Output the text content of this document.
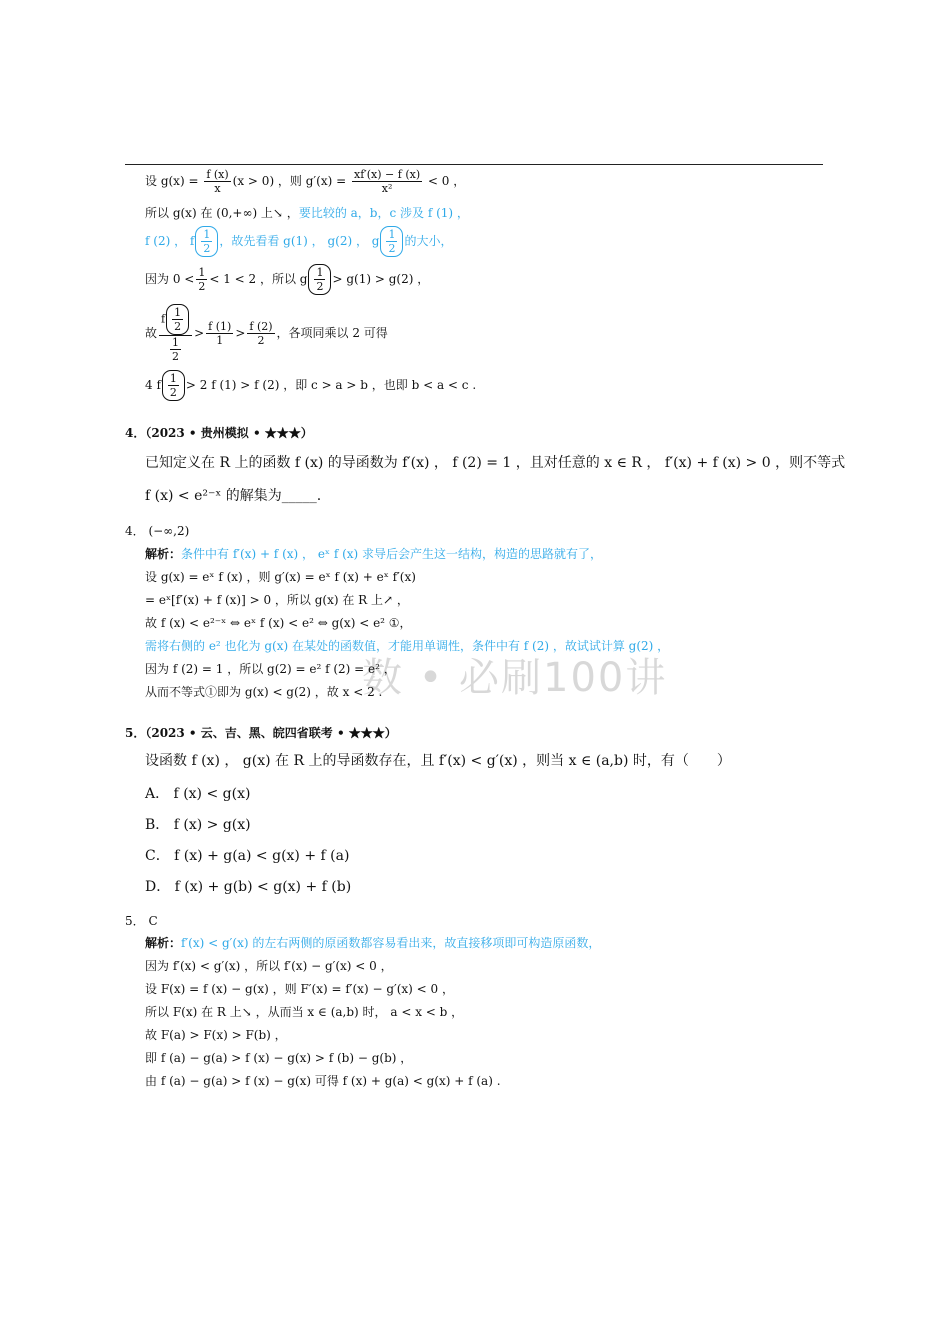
数 • 必刷100讲
设 $g(x) = \frac{f (x)}{x} (x > 0)$ ，则 $g'(x) = \frac{xf'(x) - f (x)}{\text{x²}} < 0$ ，
所以 g(x) 在 (0,+∞) 上↘ ，要比较的 a，b，c 涉及 f (1) ，
f (2) ， f $\frac{1}{2}$ ，故先看看 g(1) ， g(2) ， g $\frac{1}{2}$ 的大小，
因为 $0 < \frac{1}{2} < 1 < 2$ ，所以 g $\frac{1}{2} > g(1) > g(2)$ ，
故 $\frac{f \frac{1}{2}}{\frac{1}{2}} > \frac{f (1)}{1} > \frac{f (2)}{2}$ ，各项同乘以 2 可得
4 f $\frac{1}{2} > 2$ f (1) > f (2) ，即 c > a > b ，也即 b < a < c .
4．（2023 • 贵州模拟 • ★★★）
已知定义在 R 上的函数 f (x) 的导函数为 f′(x) ， f (2) = 1 ，且对任意的 x ∈ R ， f′(x) + f (x) > 0 ，则不等式
f (x) < e²⁻ˣ 的解集为_____.
4． (−∞,2)
解析：条件中有 f′(x) + f (x) ， eˣ f (x) 求导后会产生这一结构，构造的思路就有了，
设 g(x) = eˣ f (x) ，则 g′(x) = eˣ f (x) + eˣ f′(x)
= eˣ[f′(x) + f (x)] > 0 ，所以 g(x) 在 R 上↗ ，
故 f (x) < e²⁻ˣ ⇔ eˣ f (x) < e² ⇔ g(x) < e² ①，
需将右侧的 e² 也化为 g(x) 在某处的函数值，才能用单调性，条件中有 f (2) ，故试试计算 g(2) ，
因为 f (2) = 1 ，所以 g(2) = e² f (2) = e² ，
从而不等式①即为 g(x) < g(2) ，故 x < 2 .
5．（2023 • 云、吉、黑、皖四省联考 • ★★★）
设函数 f (x) ， g(x) 在 R 上的导函数存在，且 f′(x) < g′(x) ，则当 x ∈ (a,b) 时，有（　　）
A． f (x) < g(x)
B． f (x) > g(x)
C． f (x) + g(a) < g(x) + f (a)
D． f (x) + g(b) < g(x) + f (b)
5． C
解析：f′(x) < g′(x) 的左右两侧的原函数都容易看出来，故直接移项即可构造原函数，
因为 f′(x) < g′(x) ，所以 f′(x) − g′(x) < 0 ，
设 F(x) = f (x) − g(x) ，则 F′(x) = f′(x) − g′(x) < 0 ，
所以 F(x) 在 R 上↘ ，从而当 x ∈ (a,b) 时， a < x < b ，
故 F(a) > F(x) > F(b) ，
即 f (a) − g(a) > f (x) − g(x) > f (b) − g(b) ，
由 f (a) − g(a) > f (x) − g(x) 可得 f (x) + g(a) < g(x) + f (a) .
